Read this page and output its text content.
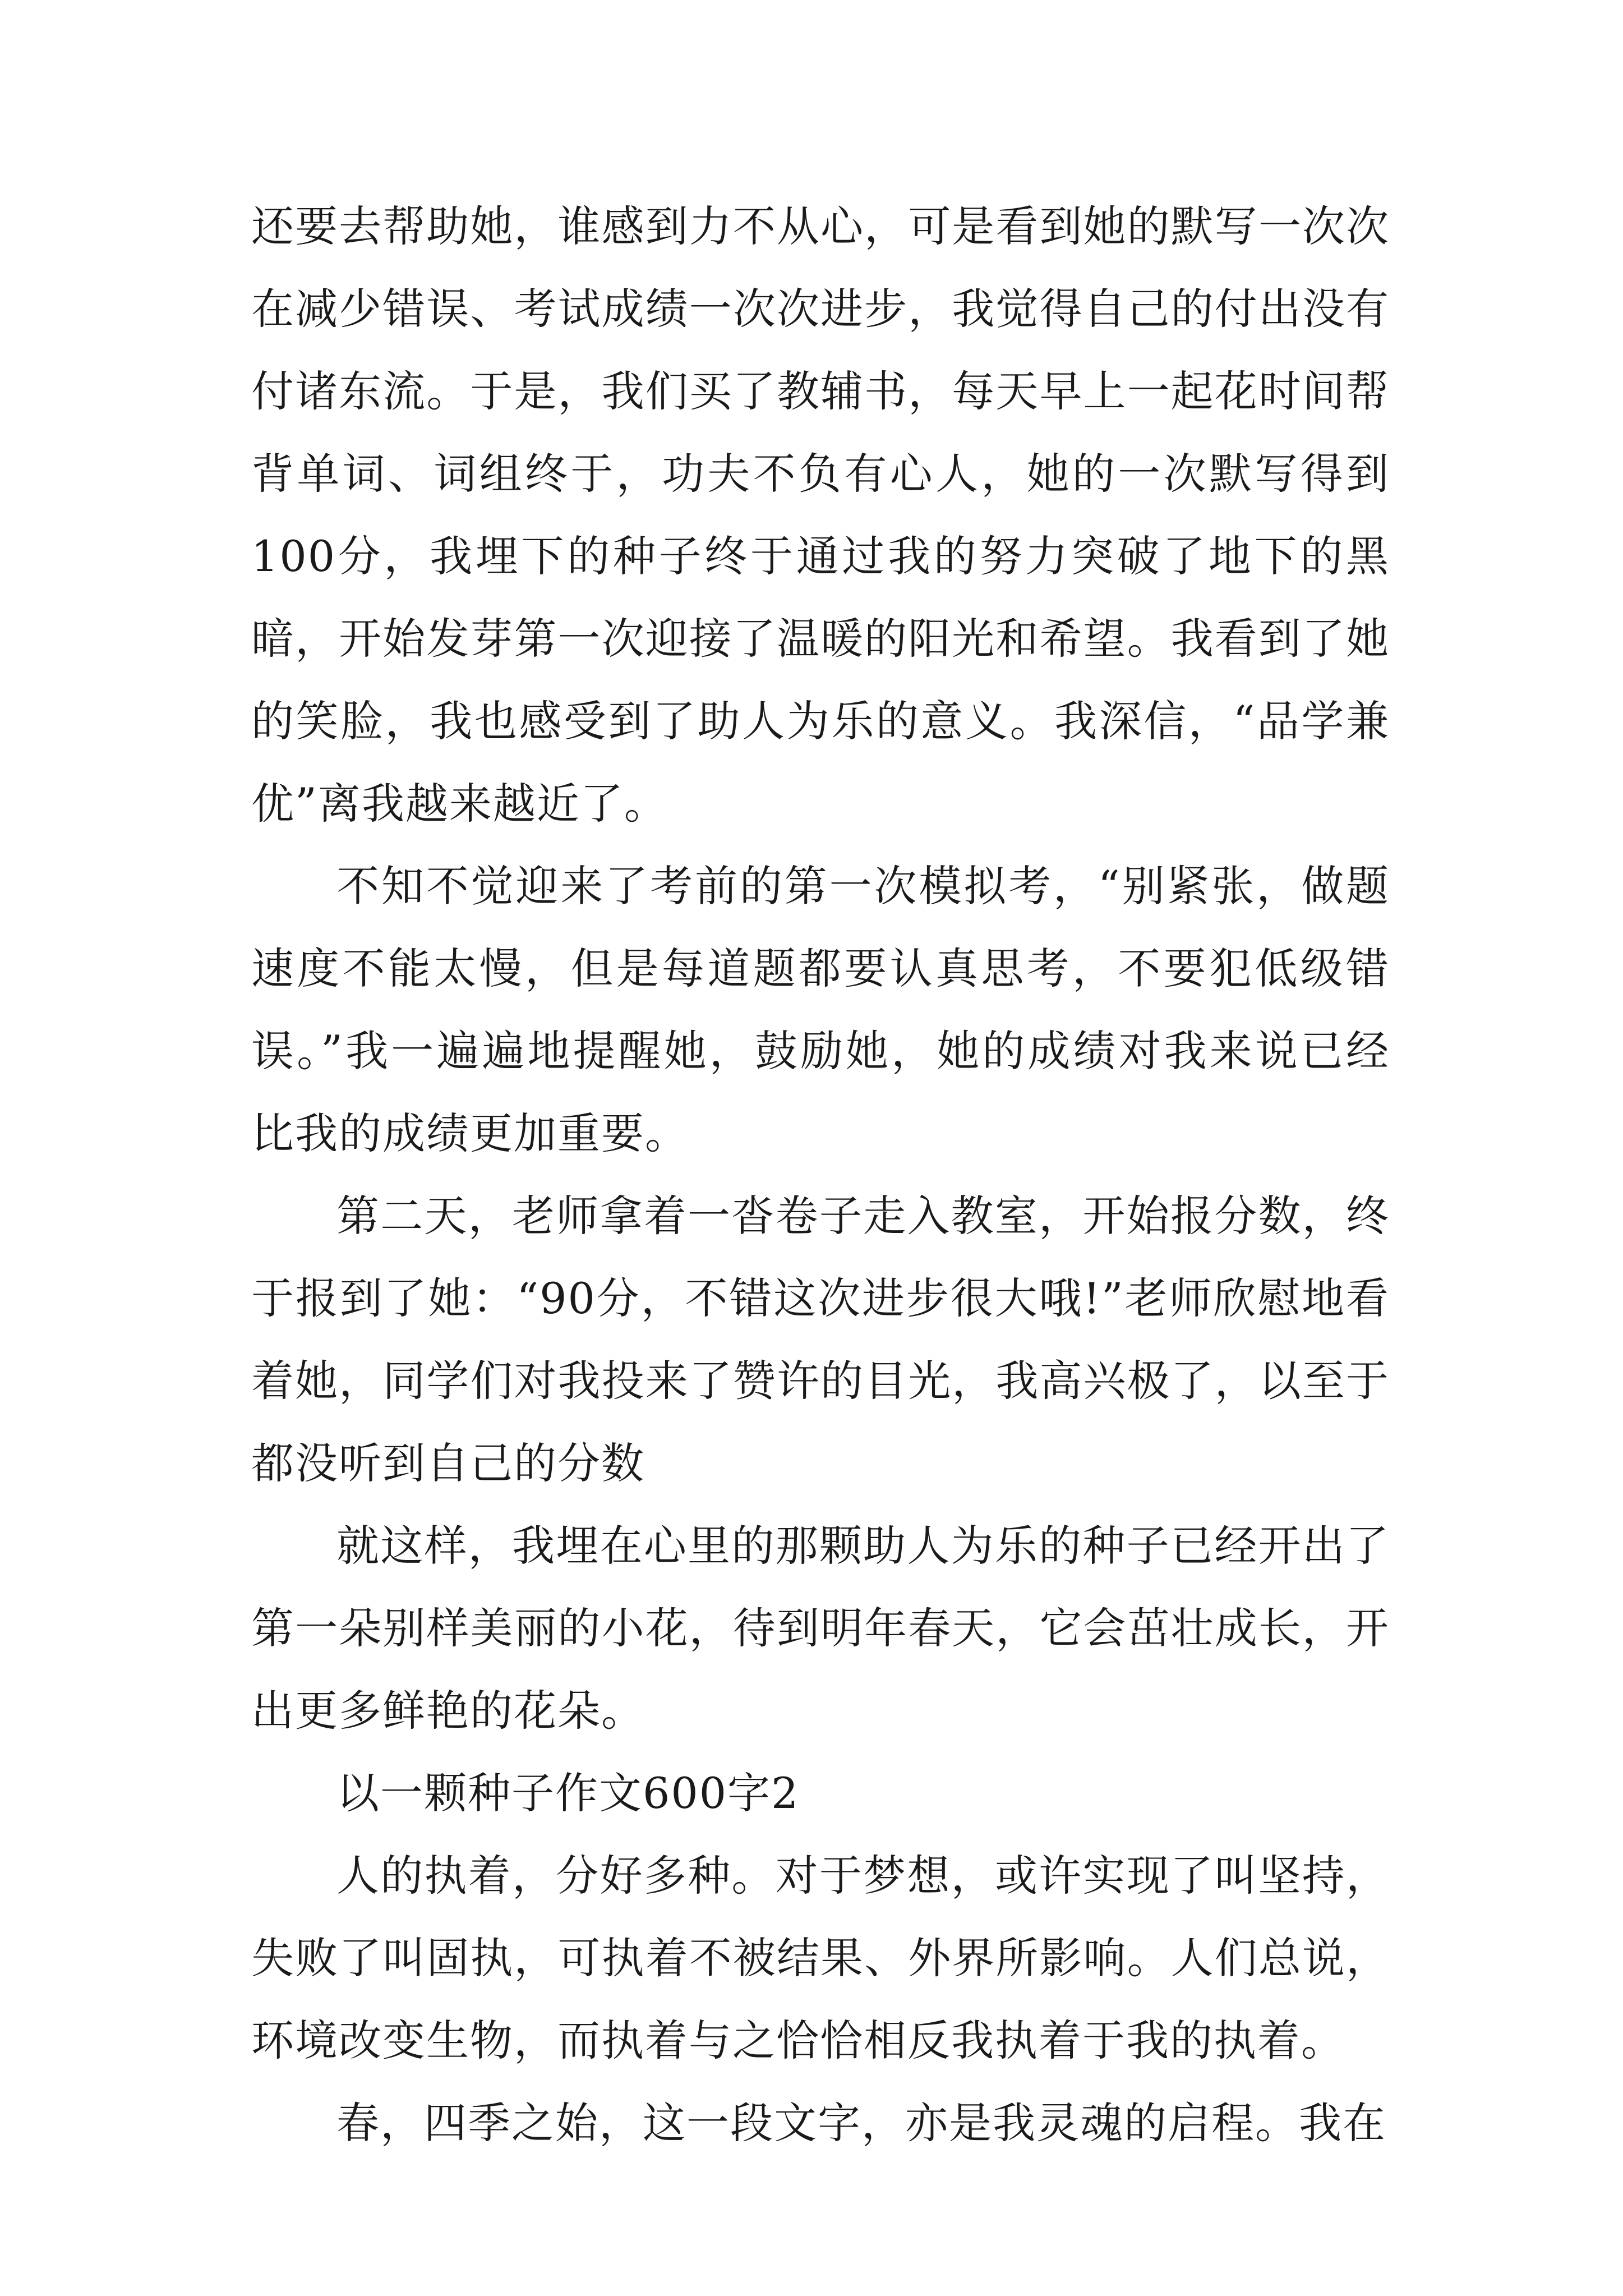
还要去帮助她，谁感到力不从心，可是看到她的默写一次次在减少错误、考试成绩一次次进步，我觉得自己的付出没有付诸东流。于是，我们买了教辅书，每天早上一起花时间帮背单词、词组终于，功夫不负有心人，她的一次默写得到100分，我埋下的种子终于通过我的努力突破了地下的黑暗，开始发芽第一次迎接了温暖的阳光和希望。我看到了她的笑脸，我也感受到了助人为乐的意义。我深信，“品学兼优”离我越来越近了。

不知不觉迎来了考前的第一次模拟考，“别紧张，做题速度不能太慢，但是每道题都要认真思考，不要犯低级错误。”我一遍遍地提醒她，鼓励她，她的成绩对我来说已经比我的成绩更加重要。

第二天，老师拿着一沓卷子走入教室，开始报分数，终于报到了她：“90分，不错这次进步很大哦!”老师欣慰地看着她，同学们对我投来了赞许的目光，我高兴极了，以至于都没听到自己的分数

就这样，我埋在心里的那颗助人为乐的种子已经开出了第一朵别样美丽的小花，待到明年春天，它会茁壮成长，开出更多鲜艳的花朵。

以一颗种子作文600字2

人的执着，分好多种。对于梦想，或许实现了叫坚持，失败了叫固执，可执着不被结果、外界所影响。人们总说，环境改变生物，而执着与之恰恰相反我执着于我的执着。

春，四季之始，这一段文字，亦是我灵魂的启程。我在
